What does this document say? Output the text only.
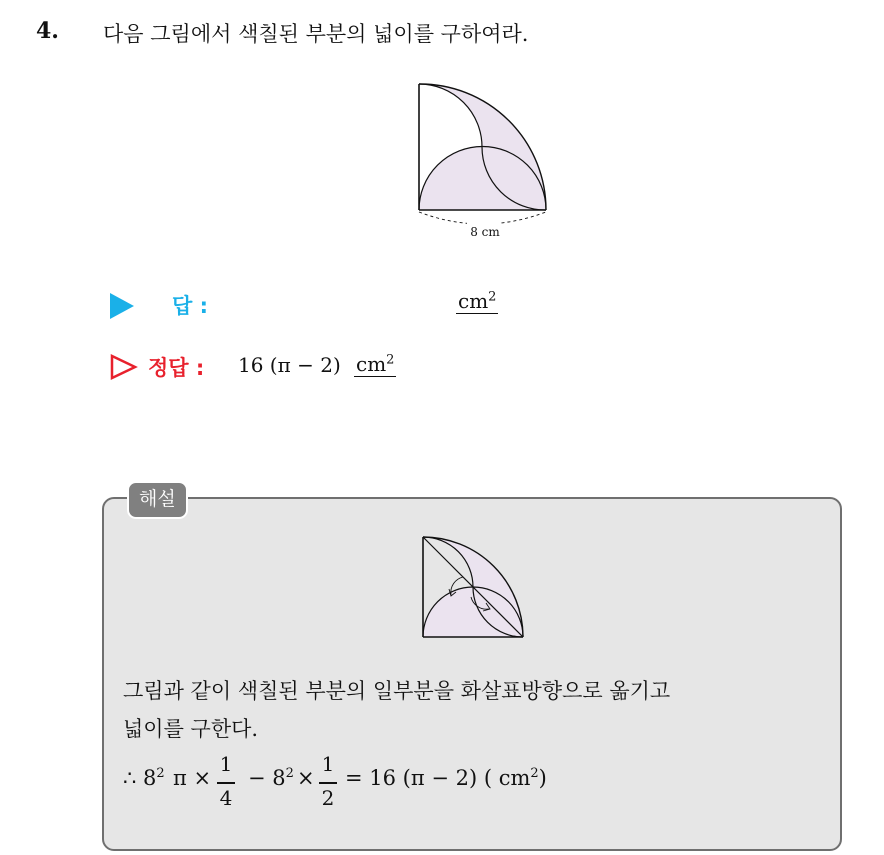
4. 다음 그림에서 색칠된 부분의 넓이를 구하여라.
8 cm
답 :	$cm^2$
정답 : 16 (π − 2) $cm^2$
해설
그림과 같이 색칠된 부분의 일부분을 화살표방향으로 옮기고
넓이를 구한다.
∴ $8^2$ π ×
1
4
− $8^2$ ×
1
2
= 16 (π − 2) ( $cm^2$)
